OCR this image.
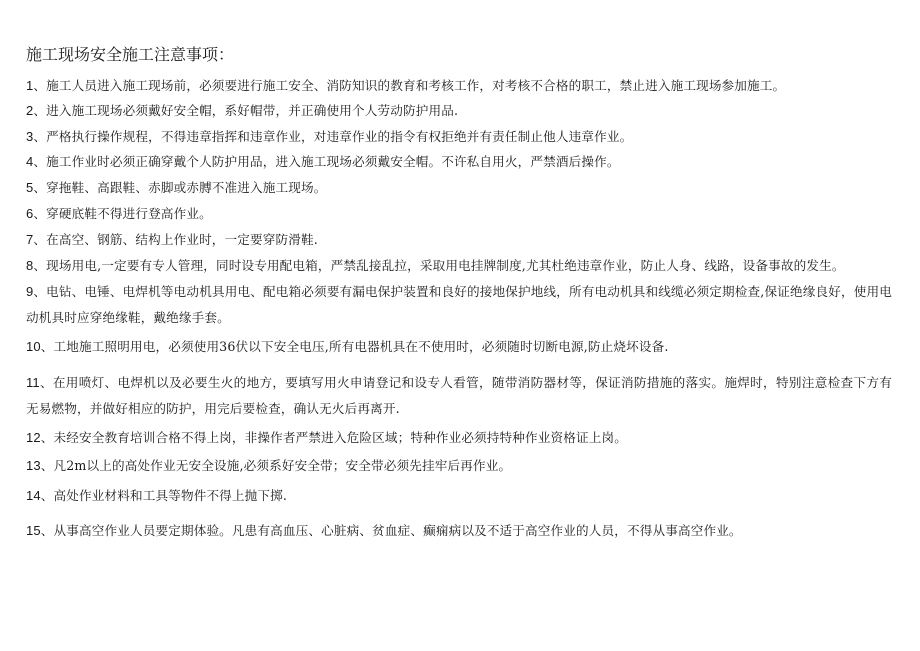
施工现场安全施工注意事项：
1、施工人员进入施工现场前，必须要进行施工安全、消防知识的教育和考核工作，对考核不合格的职工，禁止进入施工现场参加施工。
2、进入施工现场必须戴好安全帽，系好帽带，并正确使用个人劳动防护用品.
3、严格执行操作规程，不得违章指挥和违章作业，对违章作业的指令有权拒绝并有责任制止他人违章作业。
4、施工作业时必须正确穿戴个人防护用品，进入施工现场必须戴安全帽。不许私自用火，严禁酒后操作。
5、穿拖鞋、高跟鞋、赤脚或赤膊不准进入施工现场。
6、穿硬底鞋不得进行登高作业。
7、在高空、钢筋、结构上作业时，一定要穿防滑鞋.
8、现场用电,一定要有专人管理，同时设专用配电箱，严禁乱接乱拉，采取用电挂牌制度,尤其杜绝违章作业，防止人身、线路，设备事故的发生。
9、电钻、电锤、电焊机等电动机具用电、配电箱必须要有漏电保护装置和良好的接地保护地线，所有电动机具和线缆必须定期检查,保证绝缘良好，使用电动机具时应穿绝缘鞋，戴绝缘手套。
10、工地施工照明用电，必须使用36伏以下安全电压,所有电器机具在不使用时，必须随时切断电源,防止烧坏设备.
11、在用喷灯、电焊机以及必要生火的地方，要填写用火申请登记和设专人看管，随带消防器材等，保证消防措施的落实。施焊时，特别注意检查下方有无易燃物，并做好相应的防护，用完后要检查，确认无火后再离开.
12、未经安全教育培训合格不得上岗，非操作者严禁进入危险区域；特种作业必须持特种作业资格证上岗。
13、凡2m以上的高处作业无安全设施,必须系好安全带；安全带必须先挂牢后再作业。
14、高处作业材料和工具等物件不得上抛下掷.
15、从事高空作业人员要定期体验。凡患有高血压、心脏病、贫血症、癫痫病以及不适于高空作业的人员，不得从事高空作业。
